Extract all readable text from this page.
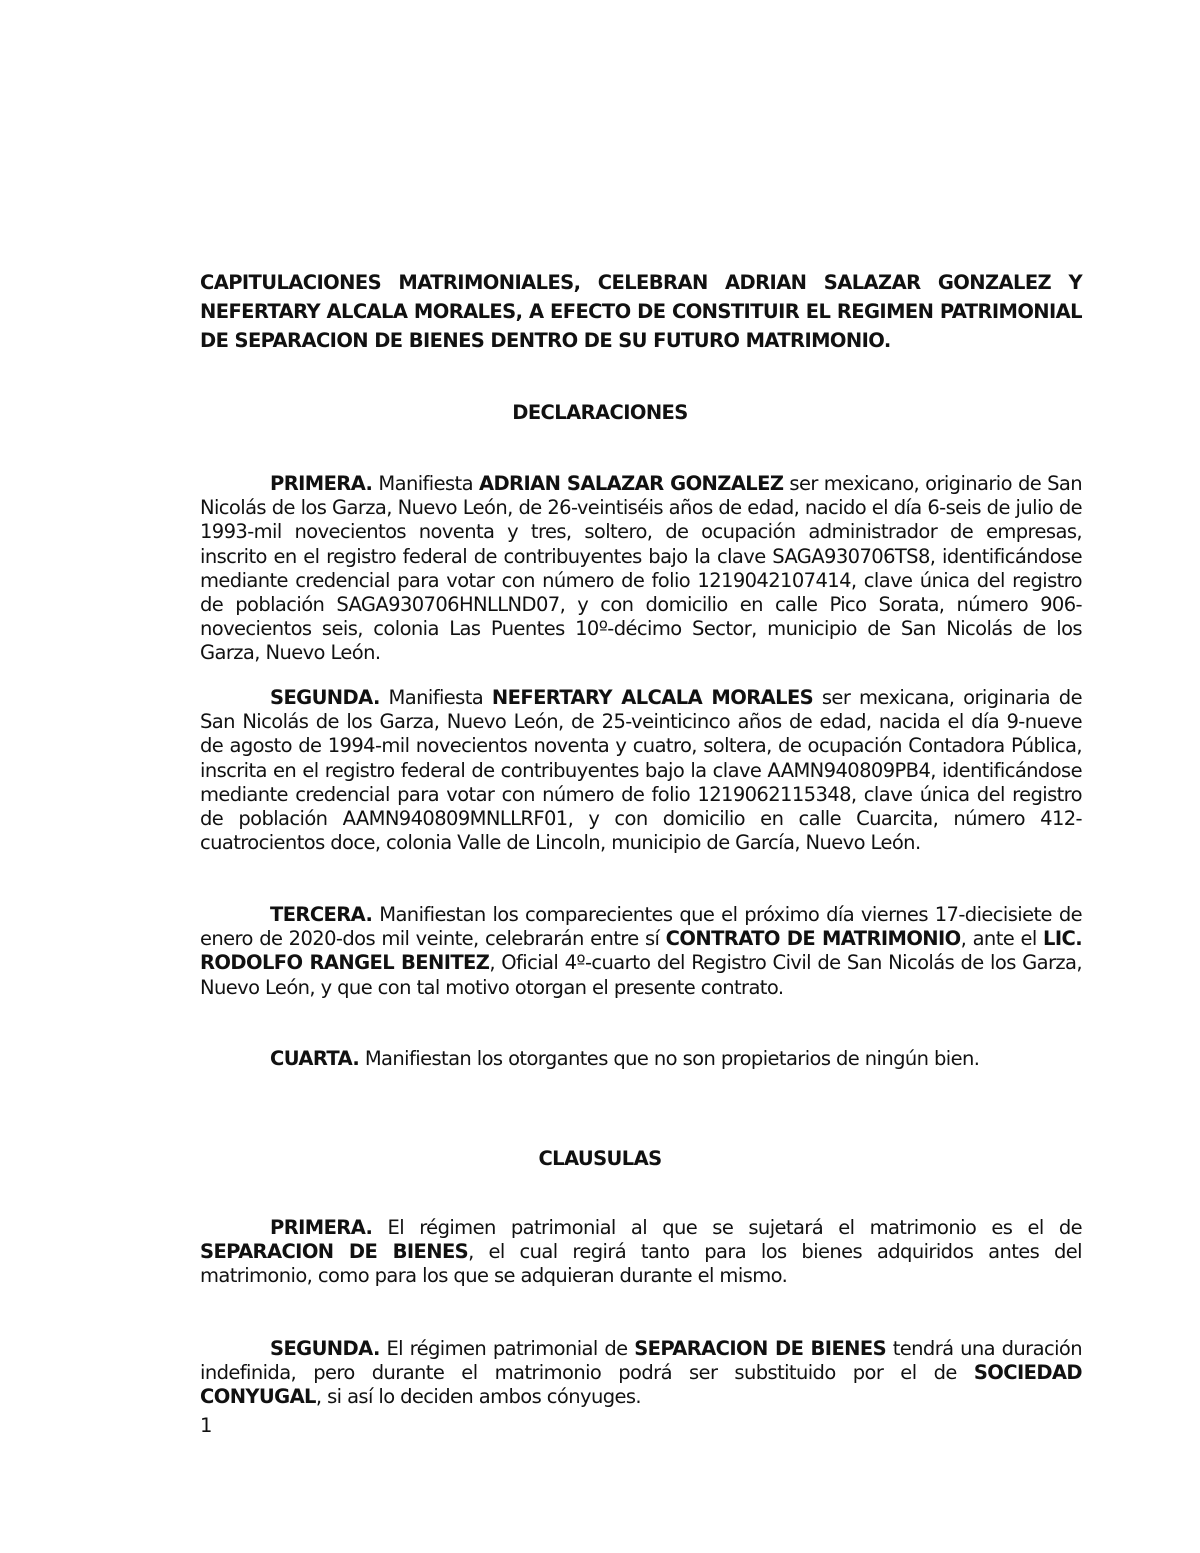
CAPITULACIONES MATRIMONIALES, CELEBRAN ADRIAN SALAZAR GONZALEZ Y NEFERTARY ALCALA MORALES, A EFECTO DE CONSTITUIR EL REGIMEN PATRIMONIAL DE SEPARACION DE BIENES DENTRO DE SU FUTURO MATRIMONIO.
DECLARACIONES

PRIMERA. Manifiesta ADRIAN SALAZAR GONZALEZ ser mexicano, originario de San Nicolás de los Garza, Nuevo León, de 26-veintiséis años de edad, nacido el día 6-seis de julio de 1993-mil novecientos noventa y tres, soltero, de ocupación administrador de empresas, inscrito en el registro federal de contribuyentes bajo la clave SAGA930706TS8, identificándose mediante credencial para votar con número de folio 1219042107414, clave única del registro de población SAGA930706HNLLND07, y con domicilio en calle Pico Sorata, número 906-novecientos seis, colonia Las Puentes 10º-décimo Sector, municipio de San Nicolás de los Garza, Nuevo León.

SEGUNDA. Manifiesta NEFERTARY ALCALA MORALES ser mexicana, originaria de San Nicolás de los Garza, Nuevo León, de 25-veinticinco años de edad, nacida el día 9-nueve de agosto de 1994-mil novecientos noventa y cuatro, soltera, de ocupación Contadora Pública, inscrita en el registro federal de contribuyentes bajo la clave AAMN940809PB4, identificándose mediante credencial para votar con número de folio 1219062115348, clave única del registro de población AAMN940809MNLLRF01, y con domicilio en calle Cuarcita, número 412-cuatrocientos doce, colonia Valle de Lincoln, municipio de García, Nuevo León.

TERCERA. Manifiestan los comparecientes que el próximo día viernes 17-diecisiete de enero de 2020-dos mil veinte, celebrarán entre sí CONTRATO DE MATRIMONIO, ante el LIC. RODOLFO RANGEL BENITEZ, Oficial 4º-cuarto del Registro Civil de San Nicolás de los Garza, Nuevo León, y que con tal motivo otorgan el presente contrato.

CUARTA. Manifiestan los otorgantes que no son propietarios de ningún bien.

CLAUSULAS

PRIMERA. El régimen patrimonial al que se sujetará el matrimonio es el de SEPARACION DE BIENES, el cual regirá tanto para los bienes adquiridos antes del matrimonio, como para los que se adquieran durante el mismo.

SEGUNDA. El régimen patrimonial de SEPARACION DE BIENES tendrá una duración indefinida, pero durante el matrimonio podrá ser substituido por el de SOCIEDAD CONYUGAL, si así lo deciden ambos cónyuges.

1
